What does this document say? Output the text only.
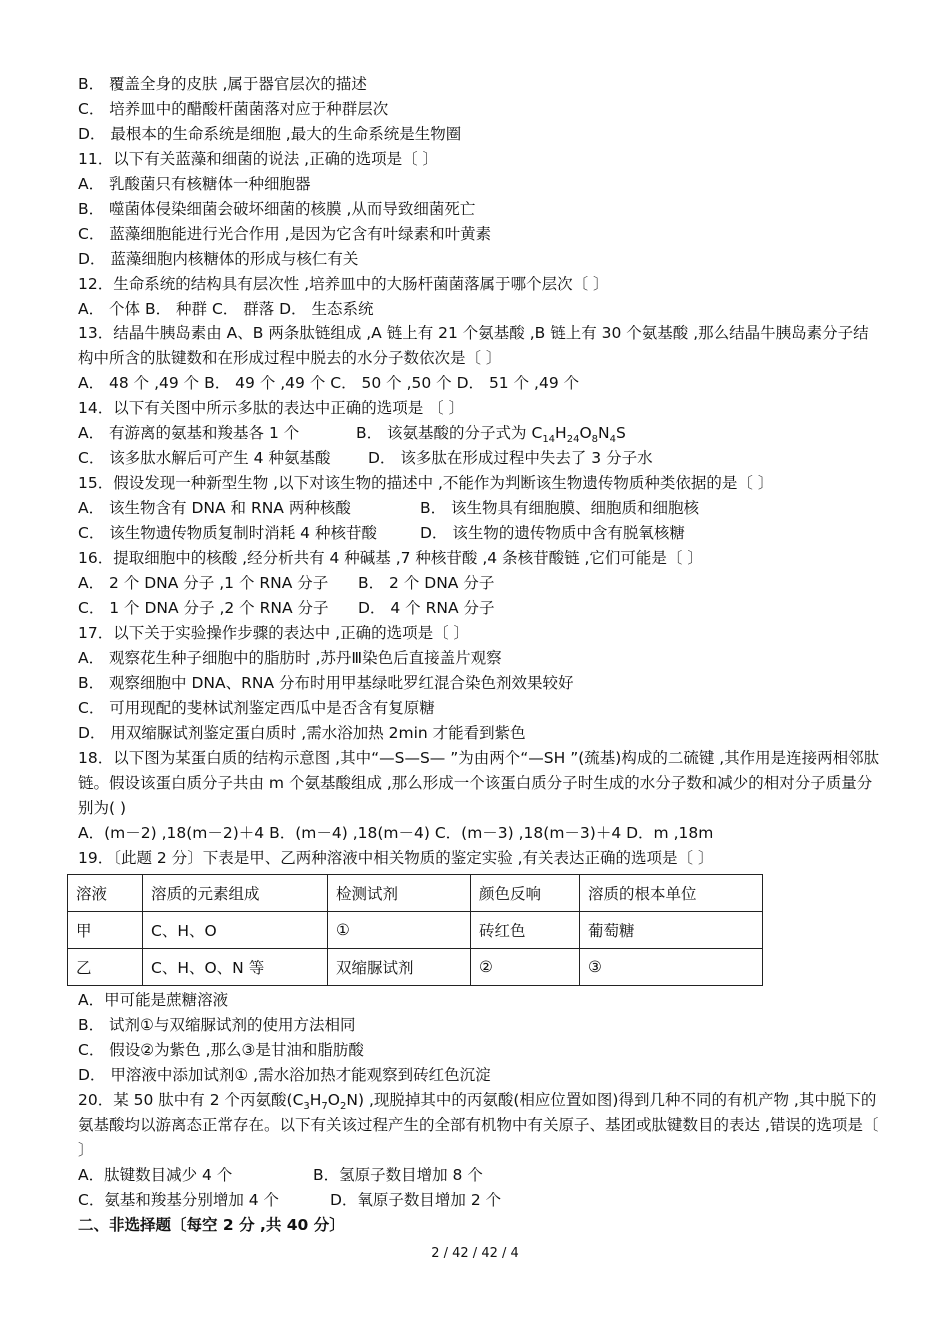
B． 覆盖全身的皮肤 ,属于器官层次的描述
C． 培养皿中的醋酸杆菌菌落对应于种群层次
D． 最根本的生命系统是细胞 ,最大的生命系统是生物圈
11．以下有关蓝藻和细菌的说法 ,正确的选项是〔 〕
A． 乳酸菌只有核糖体一种细胞器
B． 噬菌体侵染细菌会破坏细菌的核膜 ,从而导致细菌死亡
C． 蓝藻细胞能进行光合作用 ,是因为它含有叶绿素和叶黄素
D． 蓝藻细胞内核糖体的形成与核仁有关
12．生命系统的结构具有层次性 ,培养皿中的大肠杆菌菌落属于哪个层次〔 〕
A． 个体 B． 种群 C． 群落 D． 生态系统
13．结晶牛胰岛素由 A、B 两条肽链组成 ,A 链上有 21 个氨基酸 ,B 链上有 30 个氨基酸 ,那么结晶牛胰岛素分子结构中所含的肽键数和在形成过程中脱去的水分子数依次是〔 〕
A． 48 个 ,49 个 B． 49 个 ,49 个 C． 50 个 ,50 个 D． 51 个 ,49 个
14．以下有关图中所示多肽的表达中正确的选项是 〔 〕
A． 有游离的氨基和羧基各 1 个	B． 该氨基酸的分子式为 $C_{14}H_{24}O_8N_4S$
C． 该多肽水解后可产生 4 种氨基酸 D． 该多肽在形成过程中失去了 3 分子水
15．假设发现一种新型生物 ,以下对该生物的描述中 ,不能作为判断该生物遗传物质种类依据的是〔 〕
A． 该生物含有 DNA 和 RNA 两种核酸	B． 该生物具有细胞膜、细胞质和细胞核
C． 该生物遗传物质复制时消耗 4 种核苷酸	D． 该生物的遗传物质中含有脱氧核糖
16．提取细胞中的核酸 ,经分析共有 4 种碱基 ,7 种核苷酸 ,4 条核苷酸链 ,它们可能是〔 〕
A． 2 个 DNA 分子 ,1 个 RNA 分子 B． 2 个 DNA 分子
C． 1 个 DNA 分子 ,2 个 RNA 分子 D． 4 个 RNA 分子
17．以下关于实验操作步骤的表达中 ,正确的选项是〔 〕
A． 观察花生种子细胞中的脂肪时 ,苏丹Ⅲ染色后直接盖片观察
B． 观察细胞中 DNA、RNA 分布时用甲基绿吡罗红混合染色剂效果较好
C． 可用现配的斐林试剂鉴定西瓜中是否含有复原糖
D． 用双缩脲试剂鉴定蛋白质时 ,需水浴加热 2min 才能看到紫色
18．以下图为某蛋白质的结构示意图 ,其中“—S—S— ”为由两个“—SH ”(巯基)构成的二硫键 ,其作用是连接两相邻肽链。假设该蛋白质分子共由 m 个氨基酸组成 ,那么形成一个该蛋白质分子时生成的水分子数和减少的相对分子质量分别为( )
A．(m－2) ,18(m－2)＋4 B．(m－4) ,18(m－4) C．(m－3) ,18(m－3)＋4 D．m ,18m
19．〔此题 2 分〕下表是甲、乙两种溶液中相关物质的鉴定实验 ,有关表达正确的选项是〔 〕
溶液	溶质的元素组成	检测试剂	颜色反响	溶质的根本单位
甲	C、H、O	①	砖红色	葡萄糖
乙	C、H、O、N 等	双缩脲试剂	②	③
A．甲可能是蔗糖溶液
B． 试剂①与双缩脲试剂的使用方法相同
C． 假设②为紫色 ,那么③是甘油和脂肪酸
D． 甲溶液中添加试剂① ,需水浴加热才能观察到砖红色沉淀
20．某 50 肽中有 2 个丙氨酸$(C_3H_7O_2N)$ ,现脱掉其中的丙氨酸(相应位置如图)得到几种不同的有机产物 ,其中脱下的氨基酸均以游离态正常存在。以下有关该过程产生的全部有机物中有关原子、基团或肽键数目的表达 ,错误的选项是〔 〕
A．肽键数目减少 4 个	B．氢原子数目增加 8 个
C．氨基和羧基分别增加 4 个	D．氧原子数目增加 2 个
二、非选择题〔每空 2 分 ,共 40 分〕
2 / 42 / 42 / 4
